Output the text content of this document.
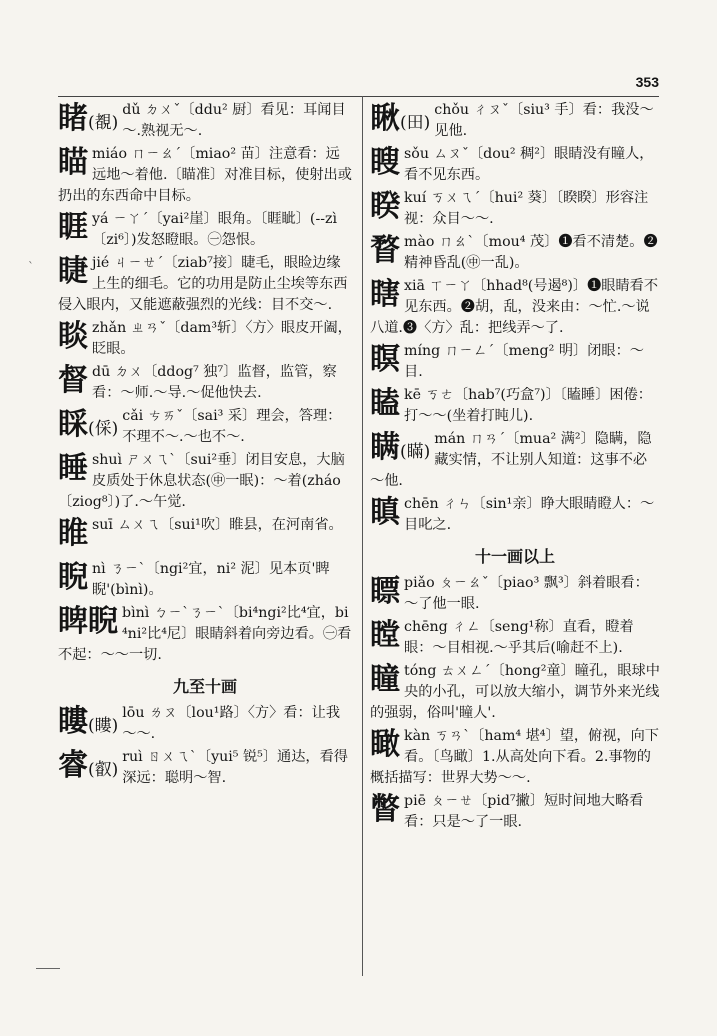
353
`
睹(覩)
dǔ ㄉㄨˇ〔ddu² 厨〕看见：耳闻目～.熟视无～.
瞄miáo ㄇㄧㄠˊ〔miao² 苗〕注意看：远远地～着他.〔瞄准〕对准目标，使射出或扔出的东西命中目标。
睚yá ㄧㄚˊ〔yai²崖〕眼角。〔睚眦〕(--zì〔zi⁶〕)发怒瞪眼。㊀怨恨。
睫jié ㄐㄧㄝˊ〔ziab⁷接〕睫毛，眼睑边缘上生的细毛。它的功用是防止尘埃等东西侵入眼内，又能遮蔽强烈的光线：目不交～.
睒zhǎn ㄓㄢˇ〔dam³斩〕〈方〉眼皮开阖，眨眼。
督dū ㄉㄨ〔ddog⁷ 独⁷〕监督，监管，察看：～师.～导.～促他快去.
睬(倸)
cǎi ㄘㄞˇ〔sai³ 采〕理会，答理：不理不～.～也不～.
睡shuì ㄕㄨㄟˋ〔sui²垂〕闭目安息，大脑皮质处于休息状态(㊥一眠)：～着(zháo〔ziog⁸〕)了.～午觉.
睢suī ㄙㄨㄟ〔sui¹吹〕睢县，在河南省。
睨nì ㄋㄧˋ〔ngi²宜，ni² 泥〕见本页'睥睨'(bìnì)。
睥睨 bìnì ㄅㄧˋㄋㄧˋ〔bi⁴ngi²比⁴宜，bi⁴ni²比⁴尼〕眼睛斜着向旁边看。㊀看不起：～～一切.
九至十画
瞜(瞜)
lōu ㄌㄡ〔lou¹路〕〈方〉看：让我～～.
睿(叡)
ruì ㄖㄨㄟˋ〔yui⁵ 锐⁵〕通达，看得深远：聪明～智.
瞅(田)
chǒu ㄔㄡˇ〔siu³ 手〕看：我没～见他.
瞍sǒu ㄙㄡˇ〔dou² 稠²〕眼睛没有瞳人，看不见东西。
睽kuí ㄎㄨㄟˊ〔hui² 葵〕〔睽睽〕形容注视：众目～～.
瞀mào ㄇㄠˋ〔mou⁴ 茂〕❶看不清楚。❷精神昏乱(㊥一乱)。
瞎xiā ㄒㄧㄚ〔hhad⁸(号遏⁸)〕❶眼睛看不见东西。❷胡，乱，没来由：～忙.～说八道.❸〈方〉乱：把线弄～了.
瞑míng ㄇㄧㄥˊ〔meng² 明〕闭眼：～目.
瞌kē ㄎㄜ〔hab⁷(巧盒⁷)〕〔瞌睡〕困倦：打～～(坐着打盹儿).
瞒(瞞)
mán ㄇㄢˊ〔mua² 满²〕隐瞒，隐藏实情，不让别人知道：这事不必～他.
瞋chēn ㄔㄣ〔sin¹亲〕睁大眼睛瞪人：～目叱之.
十一画以上
瞟piǎo ㄆㄧㄠˇ〔piao³ 飘³〕斜着眼看：～了他一眼.
瞠chēng ㄔㄥ〔seng¹称〕直看，瞪着眼：～目相视.～乎其后(喻赶不上).
瞳tóng ㄊㄨㄥˊ〔hong²童〕瞳孔，眼球中央的小孔，可以放大缩小，调节外来光线的强弱，俗叫'瞳人'.
瞰kàn ㄎㄢˋ〔ham⁴ 堪⁴〕望，俯视，向下看。〔鸟瞰〕1.从高处向下看。2.事物的概括描写：世界大势～～.
瞥piē ㄆㄧㄝ〔pid⁷撇〕短时间地大略看看：只是～了一眼.
